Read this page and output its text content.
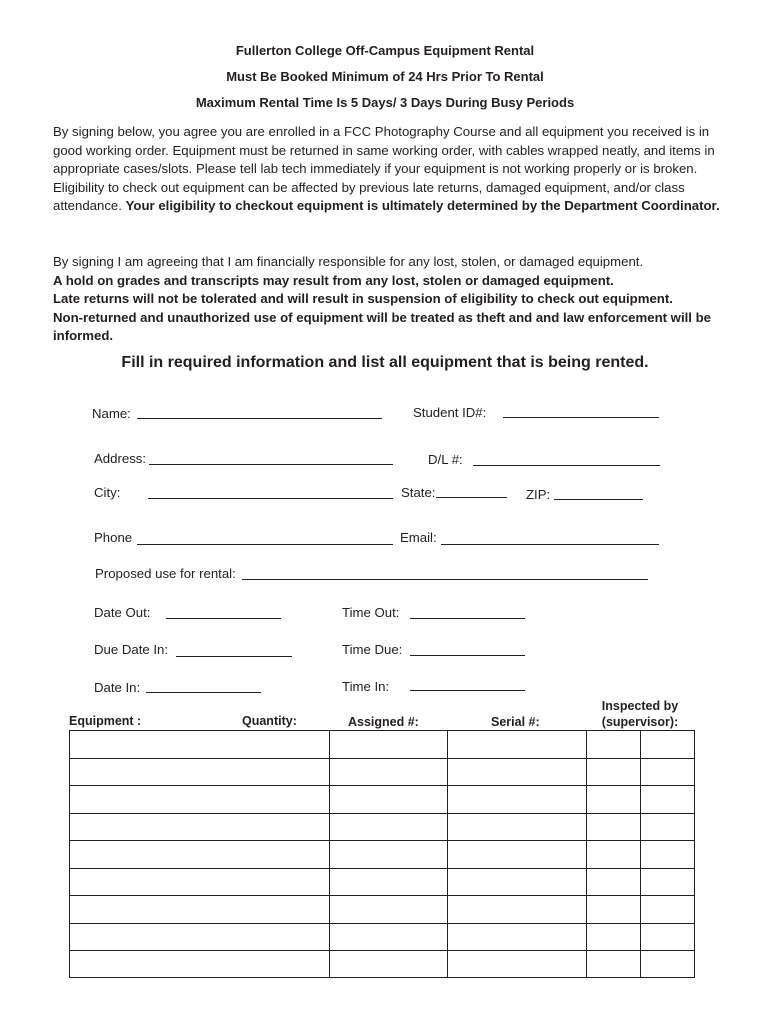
Fullerton College Off-Campus Equipment Rental

Must Be Booked Minimum of 24 Hrs Prior To Rental

Maximum Rental Time Is 5 Days/ 3 Days During Busy Periods

By signing below, you agree you are enrolled in a FCC Photography Course and all equipment you received is in good working order. Equipment must be returned in same working order, with cables wrapped neatly, and items in appropriate cases/slots. Please tell lab tech immediately if your equipment is not working properly or is broken. Eligibility to check out equipment can be affected by previous late returns, damaged equipment, and/or class attendance. Your eligibility to checkout equipment is ultimately determined by the Department Coordinator.

By signing I am agreeing that I am financially responsible for any lost, stolen, or damaged equipment.
A hold on grades and transcripts may result from any lost, stolen or damaged equipment.
Late returns will not be tolerated and will result in suspension of eligibility to check out equipment.
Non-returned and unauthorized use of equipment will be treated as theft and and law enforcement will be informed.

Fill in required information and list all equipment that is being rented.

Name:	Student ID#:
Address:	D/L #:
City:	State:	ZIP:
Phone	Email:
Proposed use for rental:
Date Out:	Time Out:
Due Date In:	Time Due:
Date In:	Time In:
Equipment :	Quantity:	Assigned #:	Serial #:
Inspected by
(supervisor):
